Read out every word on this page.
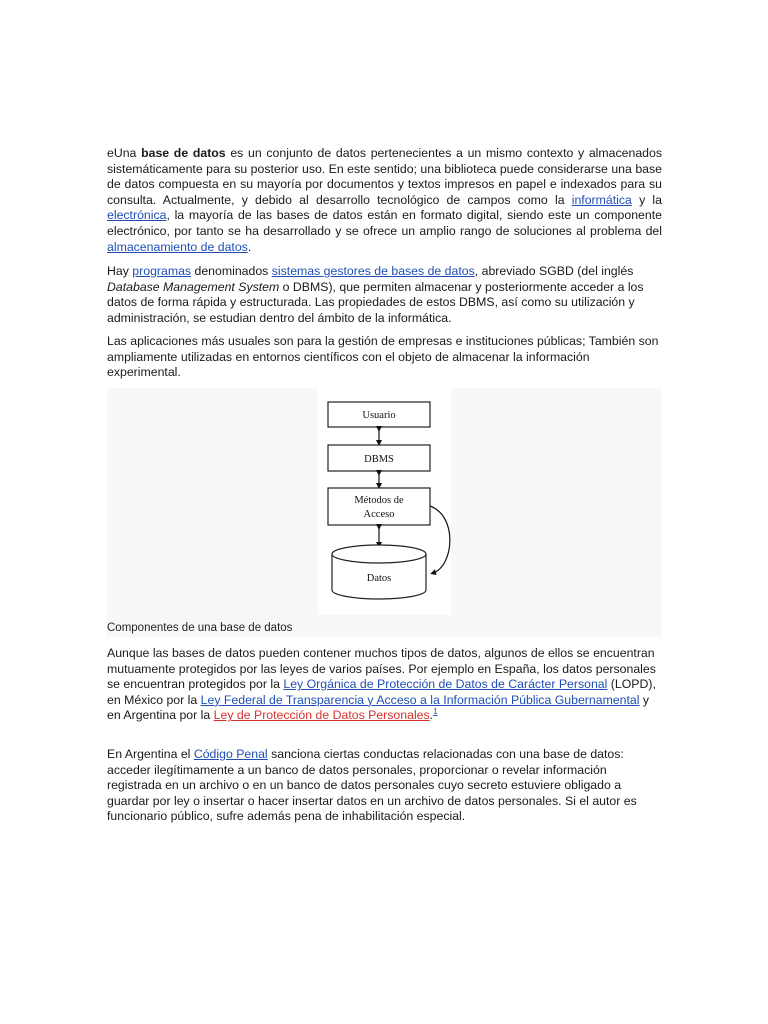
eUna base de datos es un conjunto de datos pertenecientes a un mismo contexto y almacenados sistemáticamente para su posterior uso. En este sentido; una biblioteca puede considerarse una base de datos compuesta en su mayoría por documentos y textos impresos en papel e indexados para su consulta. Actualmente, y debido al desarrollo tecnológico de campos como la informática y la electrónica, la mayoría de las bases de datos están en formato digital, siendo este un componente electrónico, por tanto se ha desarrollado y se ofrece un amplio rango de soluciones al problema del almacenamiento de datos.

Hay programas denominados sistemas gestores de bases de datos, abreviado SGBD (del inglés Database Management System o DBMS), que permiten almacenar y posteriormente acceder a los datos de forma rápida y estructurada. Las propiedades de estos DBMS, así como su utilización y administración, se estudian dentro del ámbito de la informática.

Las aplicaciones más usuales son para la gestión de empresas e instituciones públicas; También son ampliamente utilizadas en entornos científicos con el objeto de almacenar la información experimental.

Usuario
DBMS
Métodos de
Acceso
Datos
Componentes de una base de datos

Aunque las bases de datos pueden contener muchos tipos de datos, algunos de ellos se encuentran mutuamente protegidos por las leyes de varios países. Por ejemplo en España, los datos personales se encuentran protegidos por la Ley Orgánica de Protección de Datos de Carácter Personal (LOPD), en México por la Ley Federal de Transparencia y Acceso a la Información Pública Gubernamental y en Argentina por la Ley de Protección de Datos Personales.$^1$

En Argentina el Código Penal sanciona ciertas conductas relacionadas con una base de datos: acceder ilegítimamente a un banco de datos personales, proporcionar o revelar información registrada en un archivo o en un banco de datos personales cuyo secreto estuviere obligado a guardar por ley o insertar o hacer insertar datos en un archivo de datos personales. Si el autor es funcionario público, sufre además pena de inhabilitación especial.
